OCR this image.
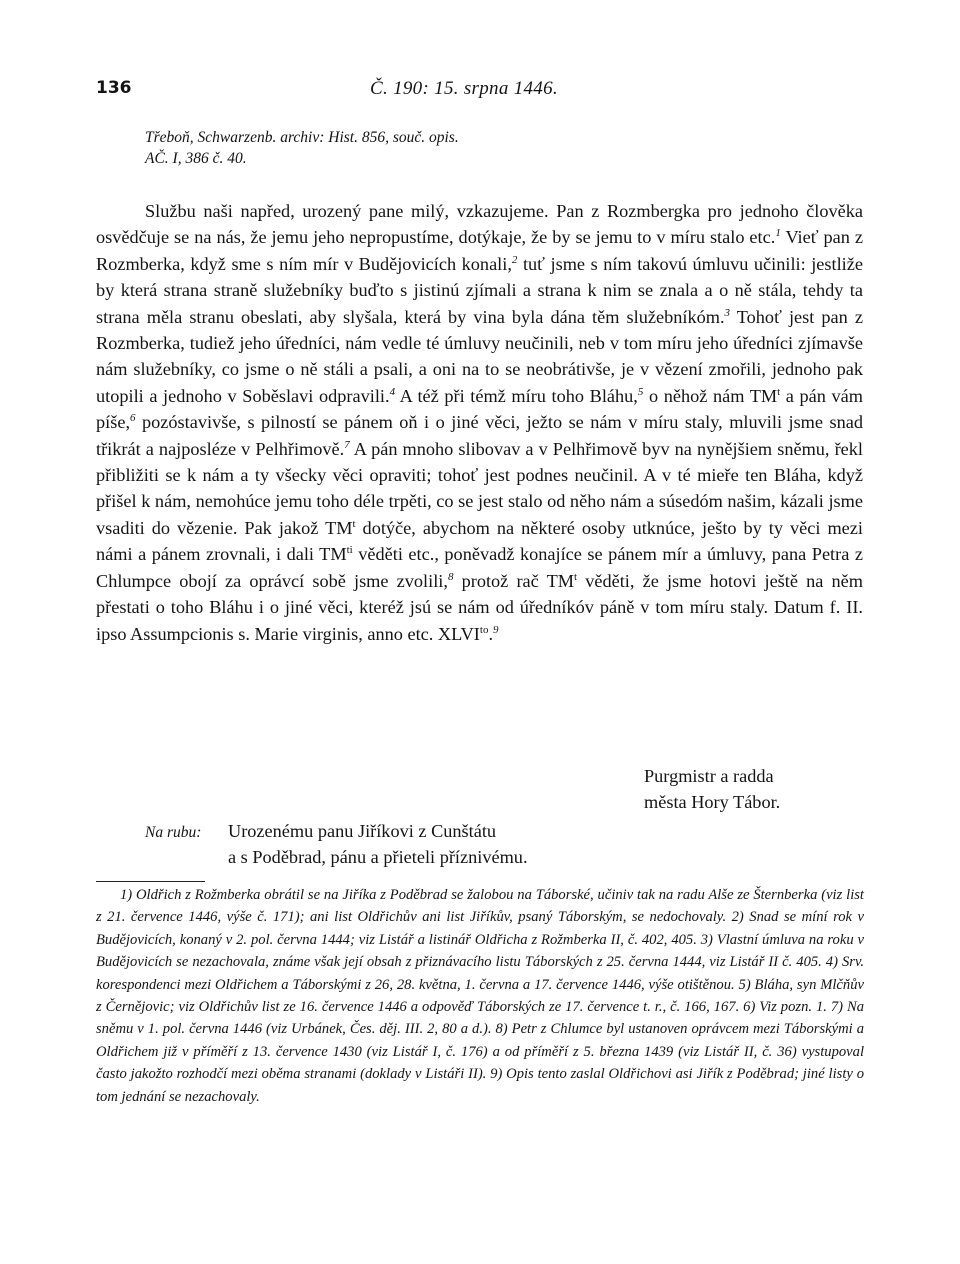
136	Č. 190: 15. srpna 1446.
Třeboň, Schwarzenb. archiv: Hist. 856, souč. opis.
AČ. I, 386 č. 40.

Službu naši napřed, urozený pane milý, vzkazujeme. Pan z Rozmbergka pro jednoho člověka osvědčuje se na nás, že jemu jeho nepropustíme, dotýkaje, že by se jemu to v míru stalo etc.$^1$ Vieť pan z Rozmberka, když sme s ním mír v Budějovicích konali,$^2$ tuť jsme s ním takovú úmluvu učinili: jestliže by která strana straně služebníky buďto s jistinú zjímali a strana k nim se znala a o ně stála, tehdy ta strana měla stranu obeslati, aby slyšala, která by vina byla dána těm služebníkóm.$^3$ Tohoť jest pan z Rozmberka, tudiež jeho úředníci, nám vedle té úmluvy neučinili, neb v tom míru jeho úředníci zjímavše nám služebníky, co jsme o ně stáli a psali, a oni na to se neobrátivše, je v vězení zmořili, jednoho pak utopili a jednoho v Soběslavi odpravili.$^4$ A též při témž míru toho Bláhu,$^5$ o něhož nám $TM^t$ a pán vám píše,$^6$ pozóstavivše, s pilností se pánem oň i o jiné věci, ježto se nám v míru staly, mluvili jsme snad třikrát a najposléze v Pelhřimově.$^7$ A pán mnoho slibovav a v Pelhřimově byv na nynějšiem sněmu, řekl přibližiti se k nám a ty všecky věci opraviti; tohoť jest podnes neučinil. A v té mieře ten Bláha, když přišel k nám, nemohúce jemu toho déle trpěti, co se jest stalo od něho nám a súsedóm našim, kázali jsme vsaditi do vězenie. Pak jakož $TM^t$ dotýče, abychom na některé osoby utknúce, ješto by ty věci mezi námi a pánem zrovnali, i dali $TM^{ti}$ věděti etc., poněvadž konajíce se pánem mír a úmluvy, pana Petra z Chlumpce obojí za oprávcí sobě jsme zvolili,$^8$ protož rač $TM^t$ věděti, že jsme hotovi ještě na něm přestati o toho Bláhu i o jiné věci, kteréž jsú se nám od úředníkóv páně v tom míru staly. Datum f. II. ipso Assumpcionis s. Marie virginis, anno etc. $XLVI^{to}.^9$

Purgmistr a radda
města Hory Tábor.
Na rubu: Urozenému panu Jiříkovi z Cunštátu
a s Poděbrad, pánu a přieteli příznivému.

1) Oldřich z Rožmberka obrátil se na Jiříka z Poděbrad se žalobou na Táborské, učiniv tak na radu Alše ze Šternberka (viz list z 21. července 1446, výše č. 171); ani list Oldřichův ani list Jiříkův, psaný Táborským, se nedochovaly. 2) Snad se míní rok v Budějovicích, konaný v 2. pol. června 1444; viz Listář a listinář Oldřicha z Rožmberka II, č. 402, 405. 3) Vlastní úmluva na roku v Budějovicích se nezachovala, známe však její obsah z přiznávacího listu Táborských z 25. června 1444, viz Listář II č. 405. 4) Srv. korespondenci mezi Oldřichem a Táborskými z 26, 28. května, 1. června a 17. července 1446, výše otištěnou. 5) Bláha, syn Mlčňův z Černějovic; viz Oldřichův list ze 16. července 1446 a odpověď Táborských ze 17. července t. r., č. 166, 167. 6) Viz pozn. 1. 7) Na sněmu v 1. pol. června 1446 (viz Urbánek, Čes. děj. III. 2, 80 a d.). 8) Petr z Chlumce byl ustanoven oprávcem mezi Táborskými a Oldřichem již v příměří z 13. července 1430 (viz Listář I, č. 176) a od příměří z 5. března 1439 (viz Listář II, č. 36) vystupoval často jakožto rozhodčí mezi oběma stranami (doklady v Listáři II). 9) Opis tento zaslal Oldřichovi asi Jiřík z Poděbrad; jiné listy o tom jednání se nezachovaly.
